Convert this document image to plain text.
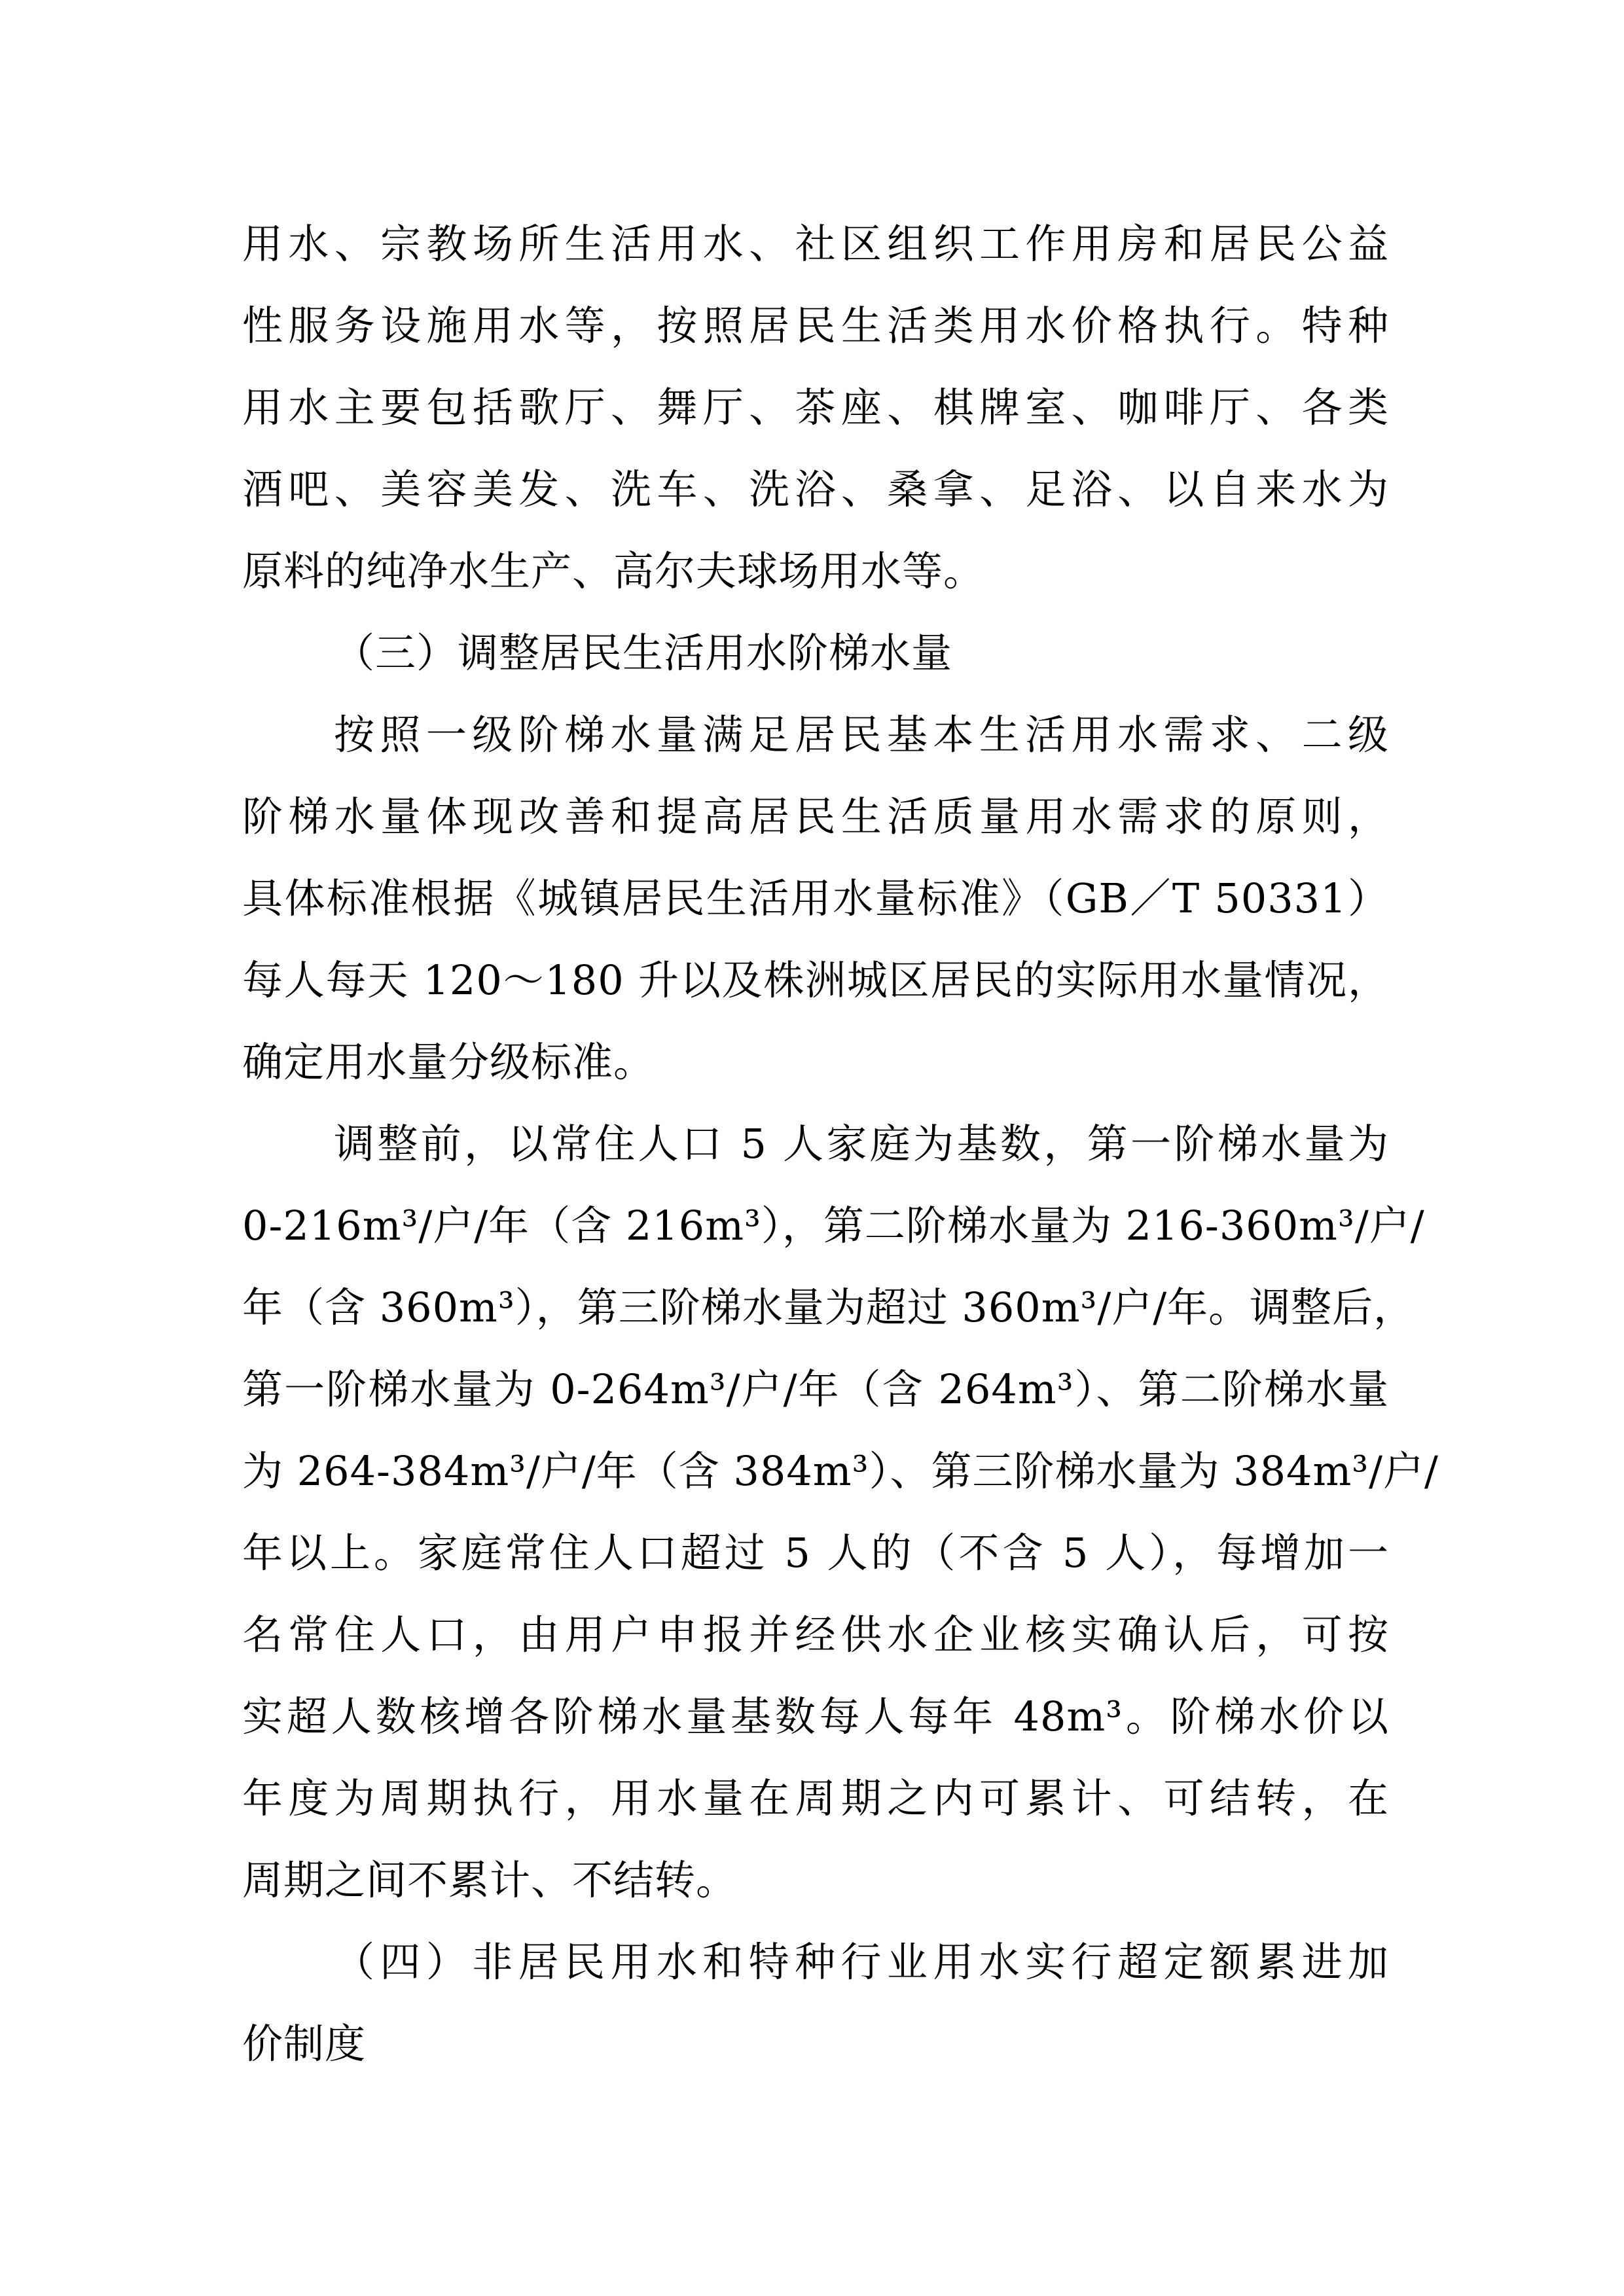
用水、宗教场所生活用水、社区组织工作用房和居民公益
性服务设施用水等，按照居民生活类用水价格执行。特种
用水主要包括歌厅、舞厅、茶座、棋牌室、咖啡厅、各类
酒吧、美容美发、洗车、洗浴、桑拿、足浴、以自来水为
原料的纯净水生产、高尔夫球场用水等。
（三）调整居民生活用水阶梯水量
按照一级阶梯水量满足居民基本生活用水需求、二级
阶梯水量体现改善和提高居民生活质量用水需求的原则，
具体标准根据《城镇居民生活用水量标准》（GB／T 50331）
每人每天 120～180 升以及株洲城区居民的实际用水量情况，
确定用水量分级标准。
调整前，以常住人口 5 人家庭为基数，第一阶梯水量为
0-216m³/户/年（含 216m³），第二阶梯水量为 216-360m³/户/
年（含 360m³），第三阶梯水量为超过 360m³/户/年。调整后，
第一阶梯水量为 0-264m³/户/年（含 264m³）、第二阶梯水量
为 264-384m³/户/年（含 384m³）、第三阶梯水量为 384m³/户/
年以上。家庭常住人口超过 5 人的（不含 5 人），每增加一
名常住人口，由用户申报并经供水企业核实确认后，可按
实超人数核增各阶梯水量基数每人每年 48m³。阶梯水价以
年度为周期执行，用水量在周期之内可累计、可结转，在
周期之间不累计、不结转。
（四）非居民用水和特种行业用水实行超定额累进加
价制度
